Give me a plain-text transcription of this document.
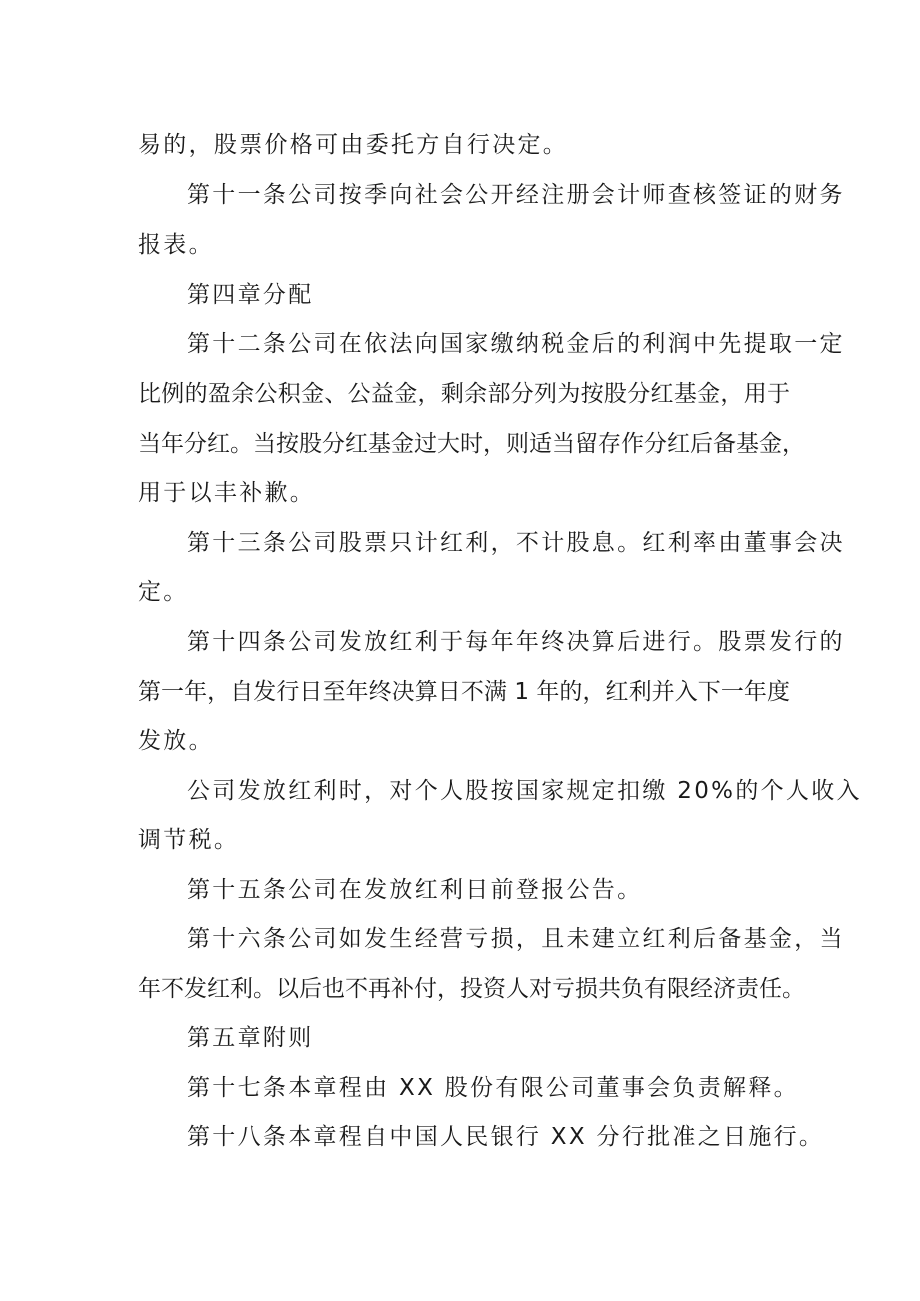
易的，股票价格可由委托方自行决定。

第十一条公司按季向社会公开经注册会计师查核签证的财务

报表。

第四章分配

第十二条公司在依法向国家缴纳税金后的利润中先提取一定

比例的盈余公积金、公益金，剩余部分列为按股分红基金，用于

当年分红。当按股分红基金过大时，则适当留存作分红后备基金，

用于以丰补歉。

第十三条公司股票只计红利，不计股息。红利率由董事会决

定。

第十四条公司发放红利于每年年终决算后进行。股票发行的

第一年，自发行日至年终决算日不满 1 年的，红利并入下一年度

发放。

公司发放红利时，对个人股按国家规定扣缴 20%的个人收入

调节税。

第十五条公司在发放红利日前登报公告。

第十六条公司如发生经营亏损，且未建立红利后备基金，当

年不发红利。以后也不再补付，投资人对亏损共负有限经济责任。

第五章附则

第十七条本章程由 XX 股份有限公司董事会负责解释。

第十八条本章程自中国人民银行 XX 分行批准之日施行。
